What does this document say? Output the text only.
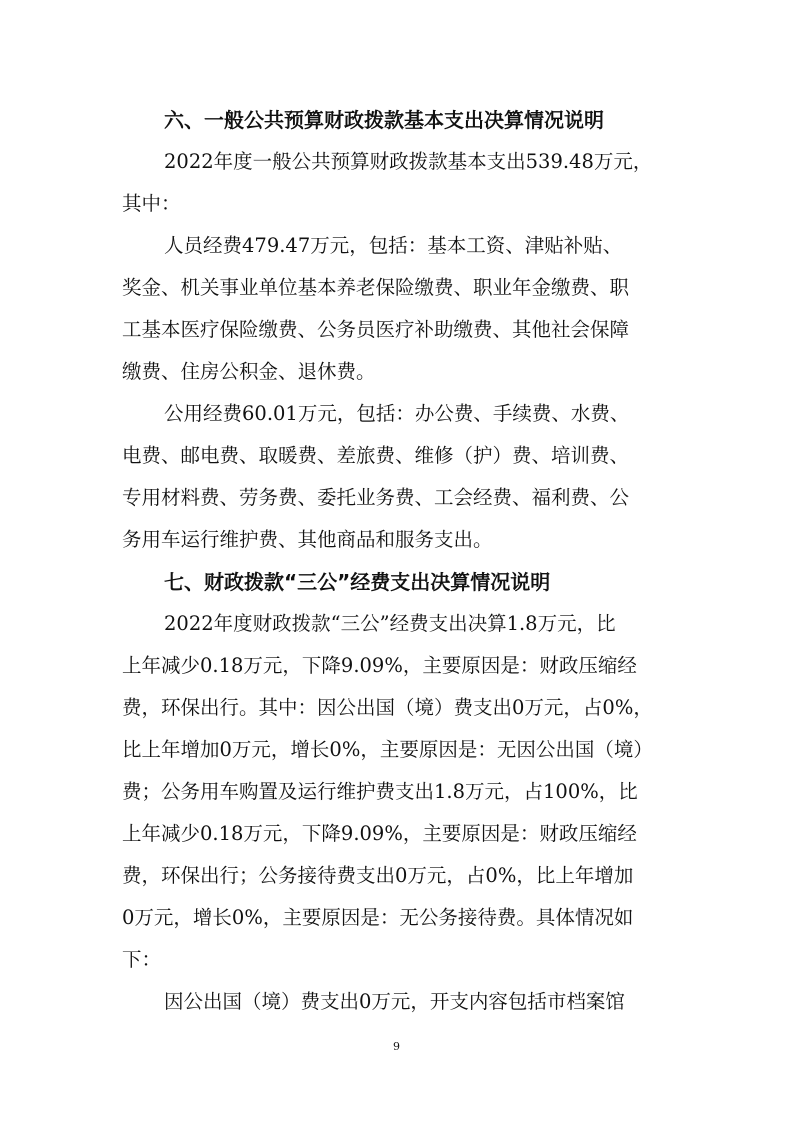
六、一般公共预算财政拨款基本支出决算情况说明
2022年度一般公共预算财政拨款基本支出539.48万元，
其中：
人员经费479.47万元，包括：基本工资、津贴补贴、
奖金、机关事业单位基本养老保险缴费、职业年金缴费、职
工基本医疗保险缴费、公务员医疗补助缴费、其他社会保障
缴费、住房公积金、退休费。
公用经费60.01万元，包括：办公费、手续费、水费、
电费、邮电费、取暖费、差旅费、维修（护）费、培训费、
专用材料费、劳务费、委托业务费、工会经费、福利费、公
务用车运行维护费、其他商品和服务支出。
七、财政拨款“三公”经费支出决算情况说明
2022年度财政拨款“三公”经费支出决算1.8万元，比
上年减少0.18万元，下降9.09%，主要原因是：财政压缩经
费，环保出行。其中：因公出国（境）费支出0万元，占0%，
比上年增加0万元，增长0%，主要原因是：无因公出国（境）
费；公务用车购置及运行维护费支出1.8万元，占100%，比
上年减少0.18万元，下降9.09%，主要原因是：财政压缩经
费，环保出行；公务接待费支出0万元，占0%，比上年增加
0万元，增长0%，主要原因是：无公务接待费。具体情况如
下：
因公出国（境）费支出0万元，开支内容包括市档案馆
9
